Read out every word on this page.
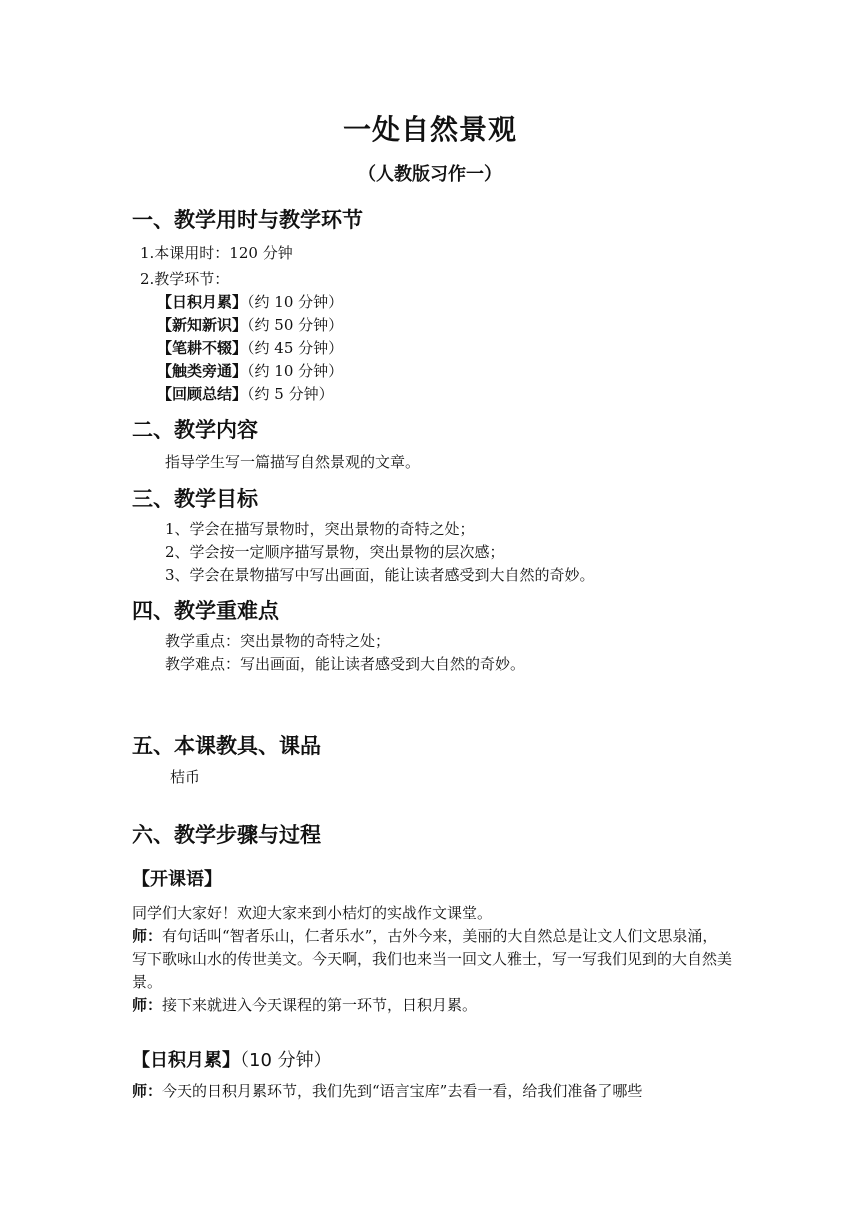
一处自然景观
（人教版习作一）
一、教学用时与教学环节
1.本课用时：120 分钟
2.教学环节：
【日积月累】（约 10 分钟）
【新知新识】（约 50 分钟）
【笔耕不辍】（约 45 分钟）
【触类旁通】（约 10 分钟）
【回顾总结】（约 5 分钟）
二、教学内容
指导学生写一篇描写自然景观的文章。
三、教学目标
1、学会在描写景物时，突出景物的奇特之处；
2、学会按一定顺序描写景物，突出景物的层次感；
3、学会在景物描写中写出画面，能让读者感受到大自然的奇妙。
四、教学重难点
教学重点：突出景物的奇特之处；
教学难点：写出画面，能让读者感受到大自然的奇妙。
五、本课教具、课品
桔币
六、教学步骤与过程
【开课语】

同学们大家好！欢迎大家来到小桔灯的实战作文课堂。

师：有句话叫“智者乐山，仁者乐水”，古外今来，美丽的大自然总是让文人们文思泉涌，写下歌咏山水的传世美文。今天啊，我们也来当一回文人雅士，写一写我们见到的大自然美景。

师：接下来就进入今天课程的第一环节，日积月累。

【日积月累】（10 分钟）

师：今天的日积月累环节，我们先到“语言宝库”去看一看，给我们准备了哪些
